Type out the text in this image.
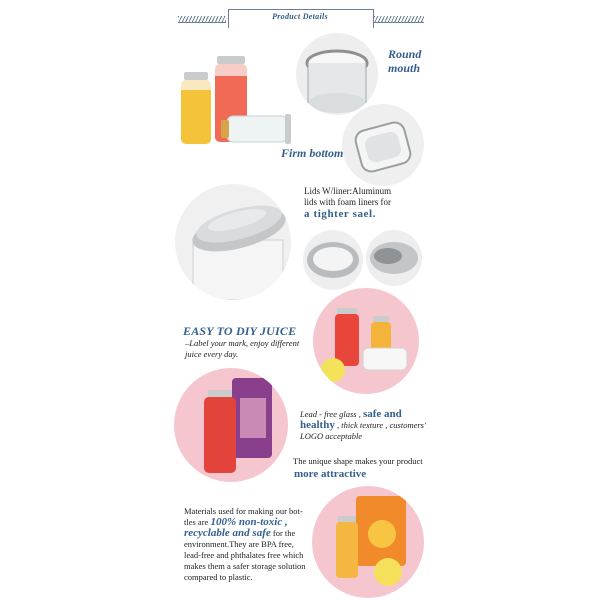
Product Details
Round
mouth
Firm bottom
Lids W/liner:Aluminum
lids with foam liners for
a tighter sael.
EASY TO DIY JUICE
–Label your mark, enjoy different
juice every day.
Lead - free glass , safe and
healthy , thick texture , customers'
LOGO acceptable
The unique shape makes your product
more attractive
Materials used for making our bot-
tles are 100% non-toxic ,
recyclable and safe for the
environment.They are BPA free,
lead-free and phthalates free which
makes them a safer storage solution
compared to plastic.
